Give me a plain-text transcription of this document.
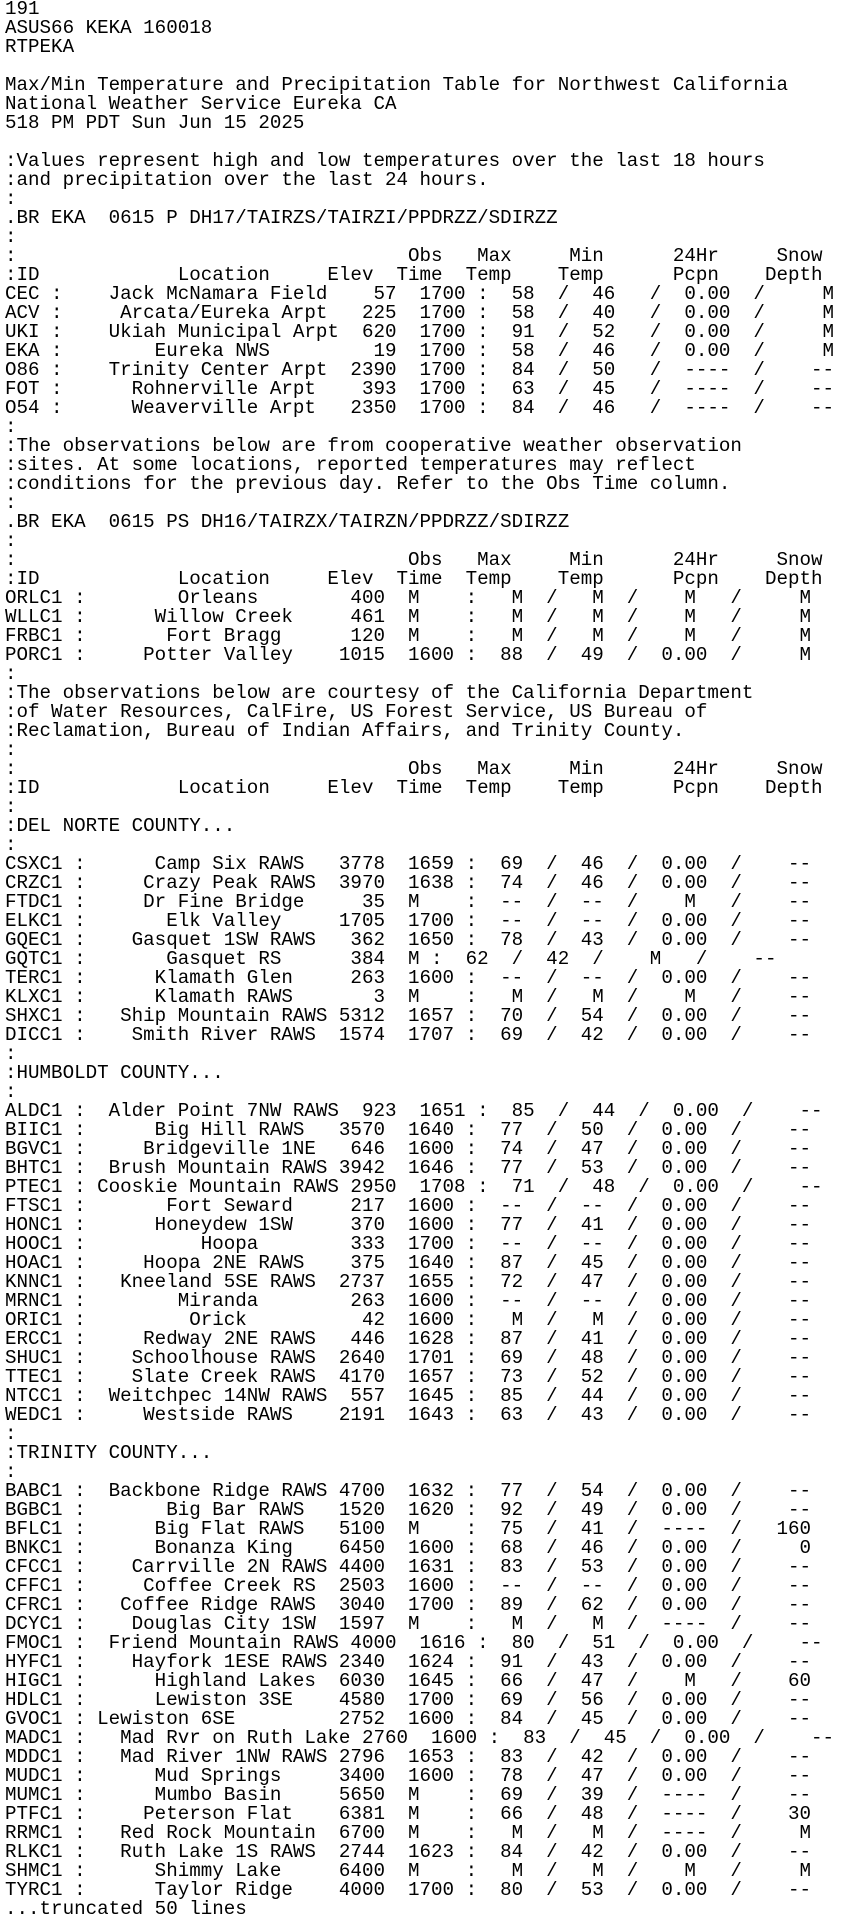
191
ASUS66 KEKA 160018
RTPEKA

Max/Min Temperature and Precipitation Table for Northwest California
National Weather Service Eureka CA
518 PM PDT Sun Jun 15 2025

:Values represent high and low temperatures over the last 18 hours
:and precipitation over the last 24 hours.
:
.BR EKA  0615 P DH17/TAIRZS/TAIRZI/PPDRZZ/SDIRZZ
:
:                                  Obs   Max     Min      24Hr     Snow
:ID            Location     Elev  Time  Temp    Temp      Pcpn    Depth
CEC :    Jack McNamara Field    57  1700 :  58  /  46   /  0.00  /     M
ACV :     Arcata/Eureka Arpt   225  1700 :  58  /  40   /  0.00  /     M
UKI :    Ukiah Municipal Arpt  620  1700 :  91  /  52   /  0.00  /     M
EKA :        Eureka NWS         19  1700 :  58  /  46   /  0.00  /     M
O86 :    Trinity Center Arpt  2390  1700 :  84  /  50   /  ----  /    --
FOT :      Rohnerville Arpt    393  1700 :  63  /  45   /  ----  /    --
O54 :      Weaverville Arpt   2350  1700 :  84  /  46   /  ----  /    --
:
:The observations below are from cooperative weather observation
:sites. At some locations, reported temperatures may reflect
:conditions for the previous day. Refer to the Obs Time column.
:
.BR EKA  0615 PS DH16/TAIRZX/TAIRZN/PPDRZZ/SDIRZZ
:
:                                  Obs   Max     Min      24Hr     Snow
:ID            Location     Elev  Time  Temp    Temp      Pcpn    Depth
ORLC1 :        Orleans        400  M    :   M  /   M  /    M   /     M
WLLC1 :      Willow Creek     461  M    :   M  /   M  /    M   /     M
FRBC1 :       Fort Bragg      120  M    :   M  /   M  /    M   /     M
PORC1 :     Potter Valley    1015  1600 :  88  /  49  /  0.00  /     M
:
:The observations below are courtesy of the California Department
:of Water Resources, CalFire, US Forest Service, US Bureau of
:Reclamation, Bureau of Indian Affairs, and Trinity County.
:
:                                  Obs   Max     Min      24Hr     Snow
:ID            Location     Elev  Time  Temp    Temp      Pcpn    Depth
:
:DEL NORTE COUNTY...
:
CSXC1 :      Camp Six RAWS   3778  1659 :  69  /  46  /  0.00  /    --
CRZC1 :     Crazy Peak RAWS  3970  1638 :  74  /  46  /  0.00  /    --
FTDC1 :     Dr Fine Bridge     35  M    :  --  /  --  /    M   /    --
ELKC1 :       Elk Valley     1705  1700 :  --  /  --  /  0.00  /    --
GQEC1 :    Gasquet 1SW RAWS   362  1650 :  78  /  43  /  0.00  /    --
GQTC1 :       Gasquet RS      384  M :  62  /  42  /    M   /    --
TERC1 :      Klamath Glen     263  1600 :  --  /  --  /  0.00  /    --
KLXC1 :      Klamath RAWS       3  M    :   M  /   M  /    M   /    --
SHXC1 :   Ship Mountain RAWS 5312  1657 :  70  /  54  /  0.00  /    --
DICC1 :    Smith River RAWS  1574  1707 :  69  /  42  /  0.00  /    --
:
:HUMBOLDT COUNTY...
:
ALDC1 :  Alder Point 7NW RAWS  923  1651 :  85  /  44  /  0.00  /    --
BIIC1 :      Big Hill RAWS   3570  1640 :  77  /  50  /  0.00  /    --
BGVC1 :     Bridgeville 1NE   646  1600 :  74  /  47  /  0.00  /    --
BHTC1 :  Brush Mountain RAWS 3942  1646 :  77  /  53  /  0.00  /    --
PTEC1 : Cooskie Mountain RAWS 2950  1708 :  71  /  48  /  0.00  /    --
FTSC1 :       Fort Seward     217  1600 :  --  /  --  /  0.00  /    --
HONC1 :      Honeydew 1SW     370  1600 :  77  /  41  /  0.00  /    --
HOOC1 :          Hoopa        333  1700 :  --  /  --  /  0.00  /    --
HOAC1 :     Hoopa 2NE RAWS    375  1640 :  87  /  45  /  0.00  /    --
KNNC1 :   Kneeland 5SE RAWS  2737  1655 :  72  /  47  /  0.00  /    --
MRNC1 :        Miranda        263  1600 :  --  /  --  /  0.00  /    --
ORIC1 :         Orick          42  1600 :   M  /   M  /  0.00  /    --
ERCC1 :     Redway 2NE RAWS   446  1628 :  87  /  41  /  0.00  /    --
SHUC1 :    Schoolhouse RAWS  2640  1701 :  69  /  48  /  0.00  /    --
TTEC1 :    Slate Creek RAWS  4170  1657 :  73  /  52  /  0.00  /    --
NTCC1 :  Weitchpec 14NW RAWS  557  1645 :  85  /  44  /  0.00  /    --
WEDC1 :     Westside RAWS    2191  1643 :  63  /  43  /  0.00  /    --
:
:TRINITY COUNTY...
:
BABC1 :  Backbone Ridge RAWS 4700  1632 :  77  /  54  /  0.00  /    --
BGBC1 :       Big Bar RAWS   1520  1620 :  92  /  49  /  0.00  /    --
BFLC1 :      Big Flat RAWS   5100  M    :  75  /  41  /  ----  /   160
BNKC1 :      Bonanza King    6450  1600 :  68  /  46  /  0.00  /     0
CFCC1 :    Carrville 2N RAWS 4400  1631 :  83  /  53  /  0.00  /    --
CFFC1 :     Coffee Creek RS  2503  1600 :  --  /  --  /  0.00  /    --
CFRC1 :   Coffee Ridge RAWS  3040  1700 :  89  /  62  /  0.00  /    --
DCYC1 :    Douglas City 1SW  1597  M    :   M  /   M  /  ----  /    --
FMOC1 :  Friend Mountain RAWS 4000  1616 :  80  /  51  /  0.00  /    --
HYFC1 :    Hayfork 1ESE RAWS 2340  1624 :  91  /  43  /  0.00  /    --
HIGC1 :      Highland Lakes  6030  1645 :  66  /  47  /    M   /    60
HDLC1 :      Lewiston 3SE    4580  1700 :  69  /  56  /  0.00  /    --
GVOC1 : Lewiston 6SE         2752  1600 :  84  /  45  /  0.00  /    --
MADC1 :   Mad Rvr on Ruth Lake 2760  1600 :  83  /  45  /  0.00  /    --
MDDC1 :   Mad River 1NW RAWS 2796  1653 :  83  /  42  /  0.00  /    --
MUDC1 :      Mud Springs     3400  1600 :  78  /  47  /  0.00  /    --
MUMC1 :      Mumbo Basin     5650  M    :  69  /  39  /  ----  /    --
PTFC1 :     Peterson Flat    6381  M    :  66  /  48  /  ----  /    30
RRMC1 :   Red Rock Mountain  6700  M    :   M  /   M  /  ----  /     M
RLKC1 :   Ruth Lake 1S RAWS  2744  1623 :  84  /  42  /  0.00  /    --
SHMC1 :      Shimmy Lake     6400  M    :   M  /   M  /    M   /     M
TYRC1 :      Taylor Ridge    4000  1700 :  80  /  53  /  0.00  /    --
...truncated 50 lines
